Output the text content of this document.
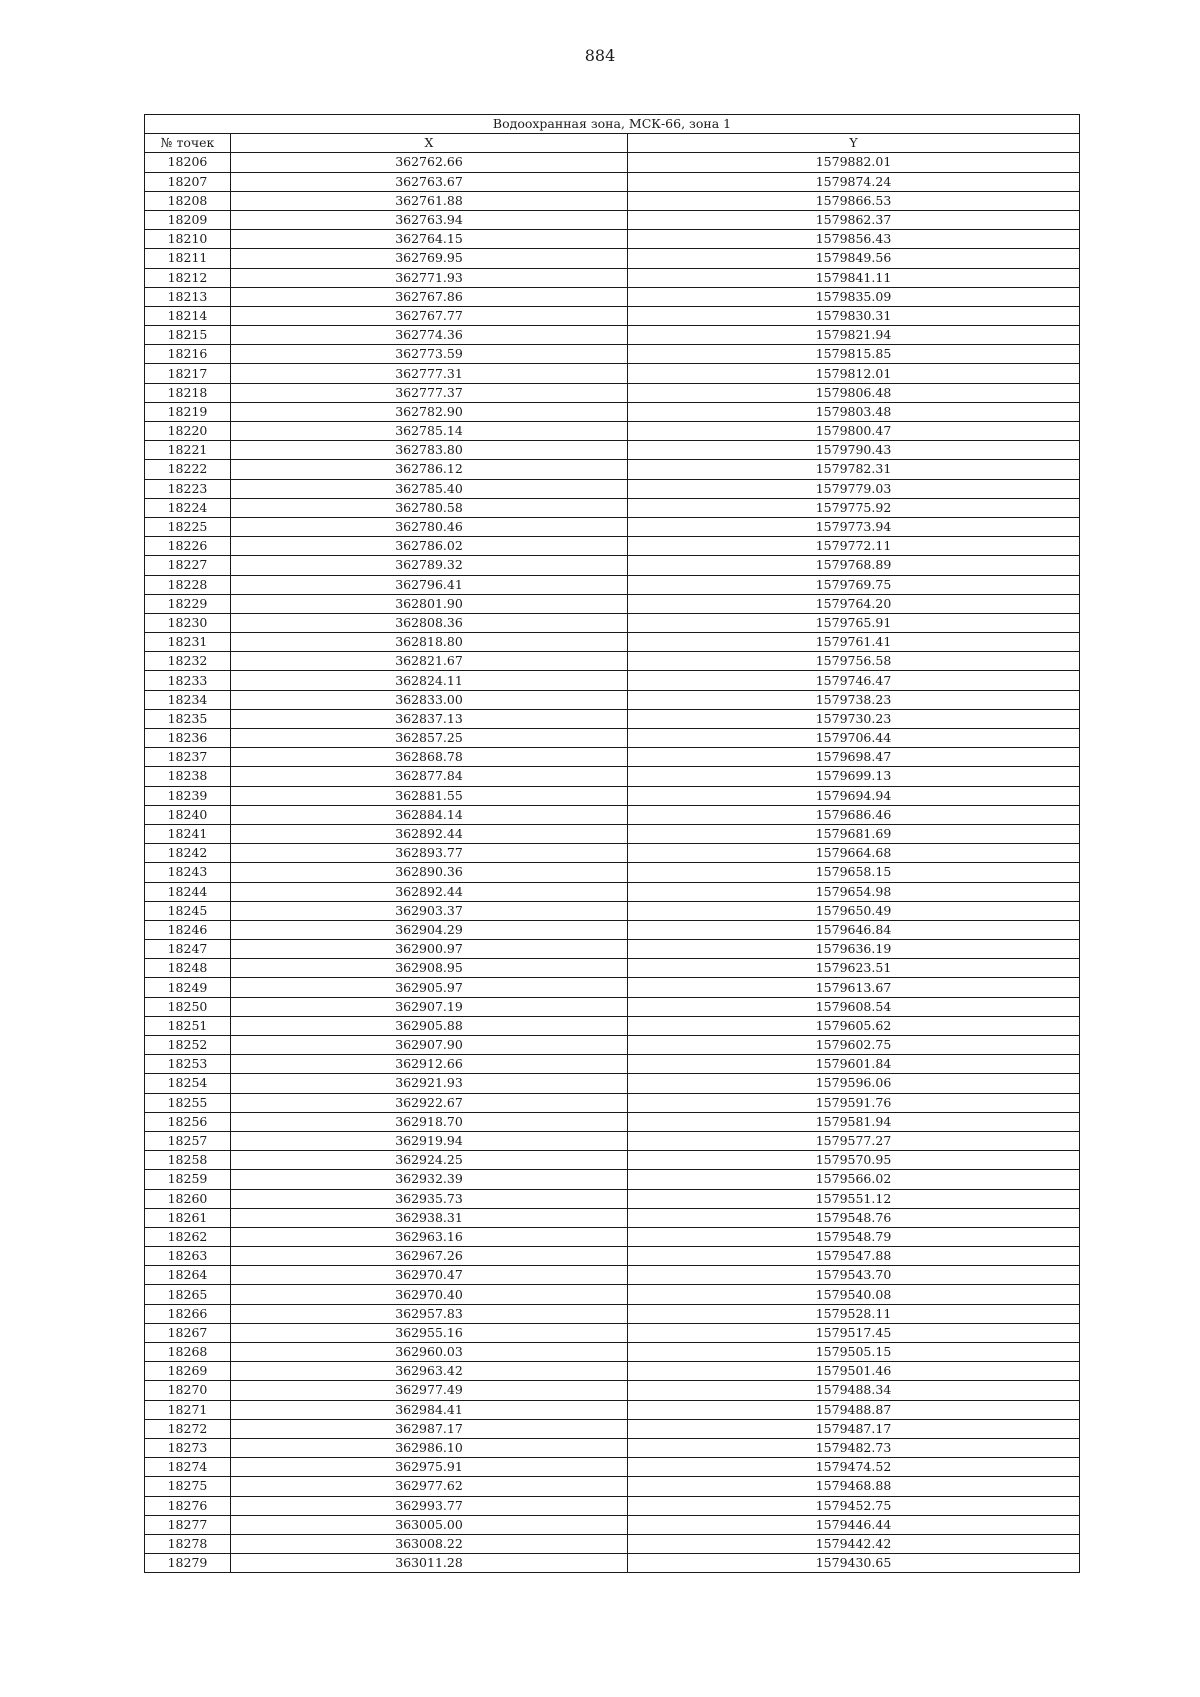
884
Водоохранная зона, МСК-66, зона 1		
№ точек	X	Y
18206	362762.66	1579882.01
18207	362763.67	1579874.24
18208	362761.88	1579866.53
18209	362763.94	1579862.37
18210	362764.15	1579856.43
18211	362769.95	1579849.56
18212	362771.93	1579841.11
18213	362767.86	1579835.09
18214	362767.77	1579830.31
18215	362774.36	1579821.94
18216	362773.59	1579815.85
18217	362777.31	1579812.01
18218	362777.37	1579806.48
18219	362782.90	1579803.48
18220	362785.14	1579800.47
18221	362783.80	1579790.43
18222	362786.12	1579782.31
18223	362785.40	1579779.03
18224	362780.58	1579775.92
18225	362780.46	1579773.94
18226	362786.02	1579772.11
18227	362789.32	1579768.89
18228	362796.41	1579769.75
18229	362801.90	1579764.20
18230	362808.36	1579765.91
18231	362818.80	1579761.41
18232	362821.67	1579756.58
18233	362824.11	1579746.47
18234	362833.00	1579738.23
18235	362837.13	1579730.23
18236	362857.25	1579706.44
18237	362868.78	1579698.47
18238	362877.84	1579699.13
18239	362881.55	1579694.94
18240	362884.14	1579686.46
18241	362892.44	1579681.69
18242	362893.77	1579664.68
18243	362890.36	1579658.15
18244	362892.44	1579654.98
18245	362903.37	1579650.49
18246	362904.29	1579646.84
18247	362900.97	1579636.19
18248	362908.95	1579623.51
18249	362905.97	1579613.67
18250	362907.19	1579608.54
18251	362905.88	1579605.62
18252	362907.90	1579602.75
18253	362912.66	1579601.84
18254	362921.93	1579596.06
18255	362922.67	1579591.76
18256	362918.70	1579581.94
18257	362919.94	1579577.27
18258	362924.25	1579570.95
18259	362932.39	1579566.02
18260	362935.73	1579551.12
18261	362938.31	1579548.76
18262	362963.16	1579548.79
18263	362967.26	1579547.88
18264	362970.47	1579543.70
18265	362970.40	1579540.08
18266	362957.83	1579528.11
18267	362955.16	1579517.45
18268	362960.03	1579505.15
18269	362963.42	1579501.46
18270	362977.49	1579488.34
18271	362984.41	1579488.87
18272	362987.17	1579487.17
18273	362986.10	1579482.73
18274	362975.91	1579474.52
18275	362977.62	1579468.88
18276	362993.77	1579452.75
18277	363005.00	1579446.44
18278	363008.22	1579442.42
18279	363011.28	1579430.65
